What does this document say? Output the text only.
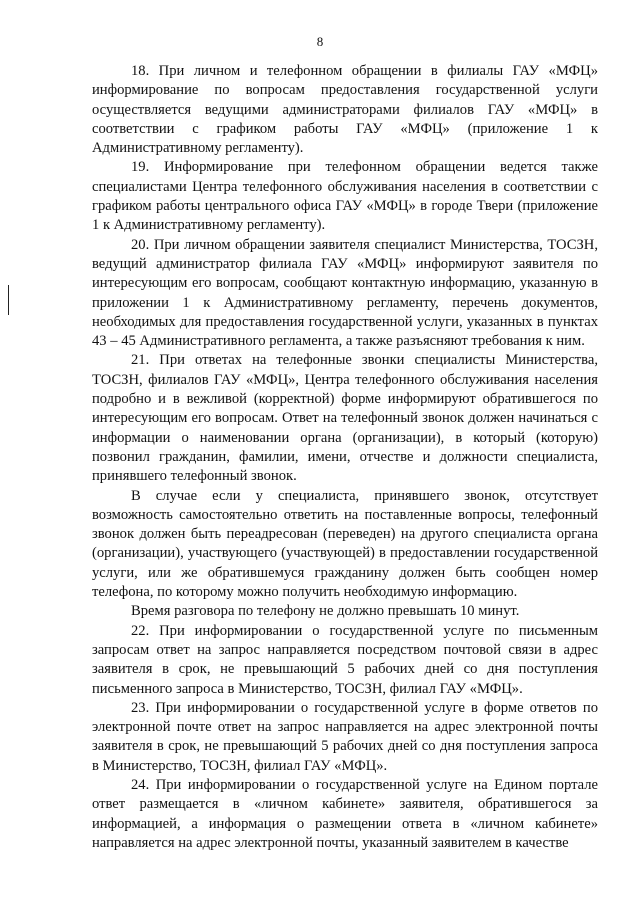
8

18. При личном и телефонном обращении в филиалы ГАУ «МФЦ» информирование по вопросам предоставления государственной услуги осуществляется ведущими администраторами филиалов ГАУ «МФЦ» в соответствии с графиком работы ГАУ «МФЦ» (приложение 1 к Административному регламенту).

19. Информирование при телефонном обращении ведется также специалистами Центра телефонного обслуживания населения в соответствии с графиком работы центрального офиса ГАУ «МФЦ» в городе Твери (приложение 1 к Административному регламенту).

20. При личном обращении заявителя специалист Министерства, ТОСЗН, ведущий администратор филиала ГАУ «МФЦ» информируют заявителя по интересующим его вопросам, сообщают контактную информацию, указанную в приложении 1 к Административному регламенту, перечень документов, необходимых для предоставления государственной услуги, указанных в пунктах 43 – 45 Административного регламента, а также разъясняют требования к ним.

21. При ответах на телефонные звонки специалисты Министерства, ТОСЗН, филиалов ГАУ «МФЦ», Центра телефонного обслуживания населения подробно и в вежливой (корректной) форме информируют обратившегося по интересующим его вопросам. Ответ на телефонный звонок должен начинаться с информации о наименовании органа (организации), в который (которую) позвонил гражданин, фамилии, имени, отчестве и должности специалиста, принявшего телефонный звонок.

В случае если у специалиста, принявшего звонок, отсутствует возможность самостоятельно ответить на поставленные вопросы, телефонный звонок должен быть переадресован (переведен) на другого специалиста органа (организации), участвующего (участвующей) в предоставлении государственной услуги, или же обратившемуся гражданину должен быть сообщен номер телефона, по которому можно получить необходимую информацию.

Время разговора по телефону не должно превышать 10 минут.

22. При информировании о государственной услуге по письменным запросам ответ на запрос направляется посредством почтовой связи в адрес заявителя в срок, не превышающий 5 рабочих дней со дня поступления письменного запроса в Министерство, ТОСЗН, филиал ГАУ «МФЦ».

23. При информировании о государственной услуге в форме ответов по электронной почте ответ на запрос направляется на адрес электронной почты заявителя в срок, не превышающий 5 рабочих дней со дня поступления запроса в Министерство, ТОСЗН, филиал ГАУ «МФЦ».

24. При информировании о государственной услуге на Едином портале ответ размещается в «личном кабинете» заявителя, обратившегося за информацией, а информация о размещении ответа в «личном кабинете» направляется на адрес электронной почты, указанный заявителем в качестве
